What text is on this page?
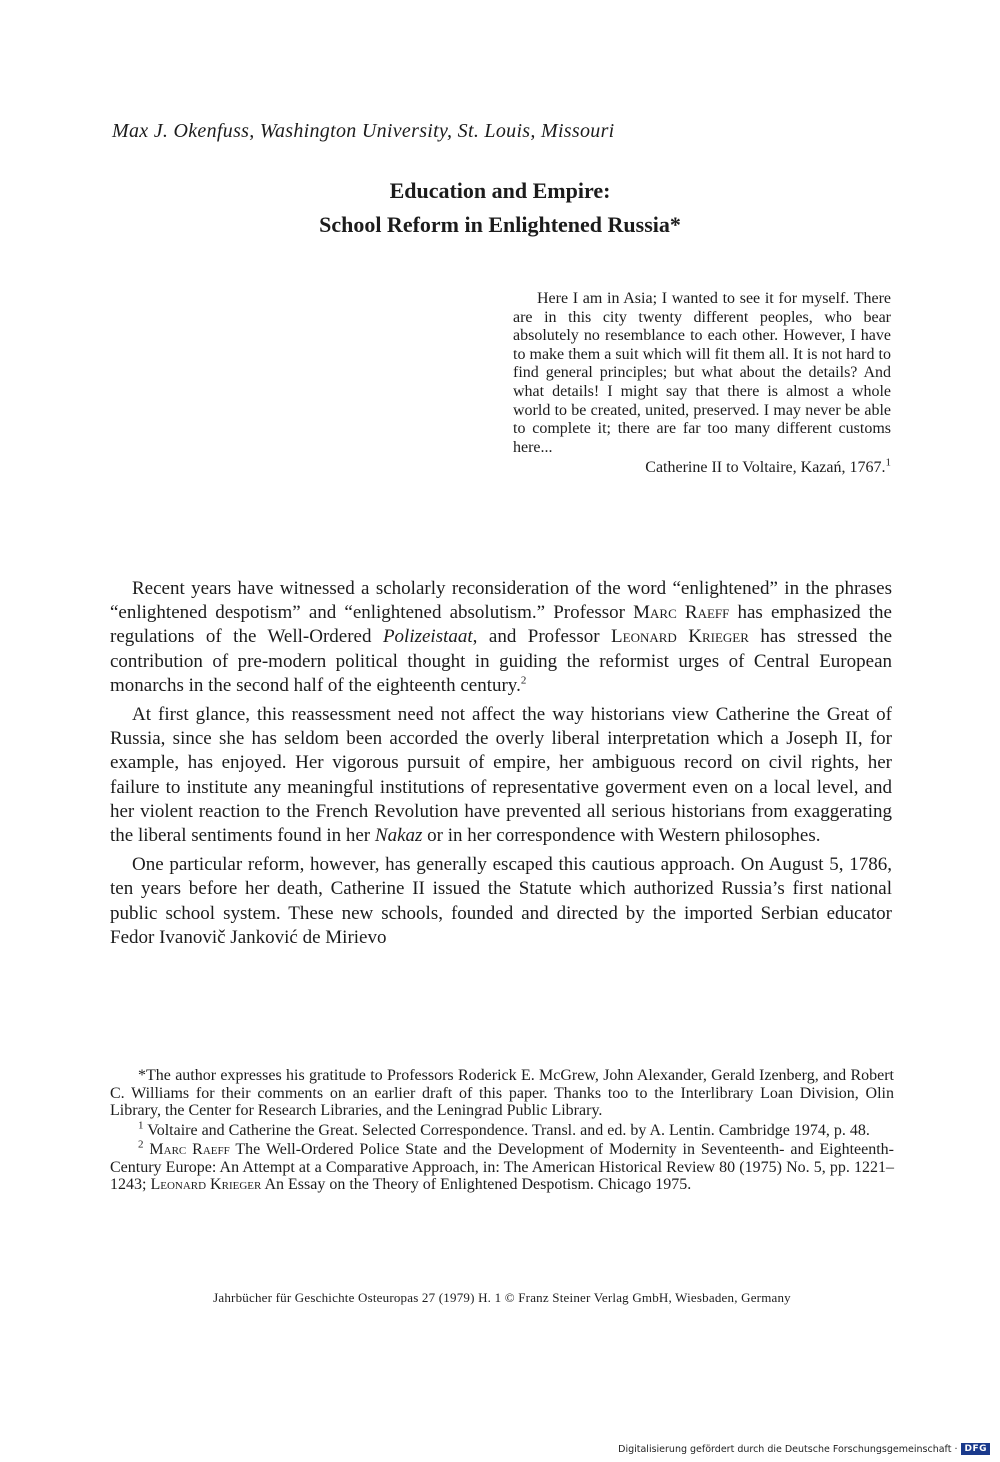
Max J. Okenfuss, Washington University, St. Louis, Missouri
Education and Empire:
School Reform in Enlightened Russia*

Here I am in Asia; I wanted to see it for myself. There are in this city twenty different peoples, who bear absolutely no resemblance to each other. However, I have to make them a suit which will fit them all. It is not hard to find general principles; but what about the details? And what details! I might say that there is almost a whole world to be created, united, preserved. I may never be able to complete it; there are far too many different customs here...

Catherine II to Voltaire, Kazań, 1767.$^1$

Recent years have witnessed a scholarly reconsideration of the word “enlightened” in the phrases “enlightened despotism” and “enlightened absolutism.” Professor Marc Raeff has emphasized the regulations of the Well-Ordered Polizeistaat, and Professor Leonard Krieger has stressed the contribution of pre-modern political thought in guiding the reformist urges of Central European monarchs in the second half of the eighteenth century.$^2$

At first glance, this reassessment need not affect the way historians view Catherine the Great of Russia, since she has seldom been accorded the overly liberal interpretation which a Joseph II, for example, has enjoyed. Her vigorous pursuit of empire, her ambiguous record on civil rights, her failure to institute any meaningful institutions of representative goverment even on a local level, and her violent reaction to the French Revolution have prevented all serious historians from exaggerating the liberal sentiments found in her Nakaz or in her correspondence with Western philosophes.

One particular reform, however, has generally escaped this cautious approach. On August 5, 1786, ten years before her death, Catherine II issued the Statute which authorized Russia’s first national public school system. These new schools, founded and directed by the imported Serbian educator Fedor Ivanovič Janković de Mirievo

*The author expresses his gratitude to Professors Roderick E. McGrew, John Alexander, Gerald Izenberg, and Robert C. Williams for their comments on an earlier draft of this paper. Thanks too to the Interlibrary Loan Division, Olin Library, the Center for Research Libraries, and the Leningrad Public Library.

$^1$ Voltaire and Catherine the Great. Selected Correspondence. Transl. and ed. by A. Lentin. Cambridge 1974, p. 48.

$^2$ Marc Raeff The Well-Ordered Police State and the Development of Modernity in Seventeenth- and Eighteenth-Century Europe: An Attempt at a Comparative Approach, in: The American Historical Review 80 (1975) No. 5, pp. 1221–1243; Leonard Krieger An Essay on the Theory of Enlightened Despotism. Chicago 1975.

Jahrbücher für Geschichte Osteuropas 27 (1979) H. 1 © Franz Steiner Verlag GmbH, Wiesbaden, Germany
Digitalisierung gefördert durch die Deutsche Forschungsgemeinschaft · DFG
